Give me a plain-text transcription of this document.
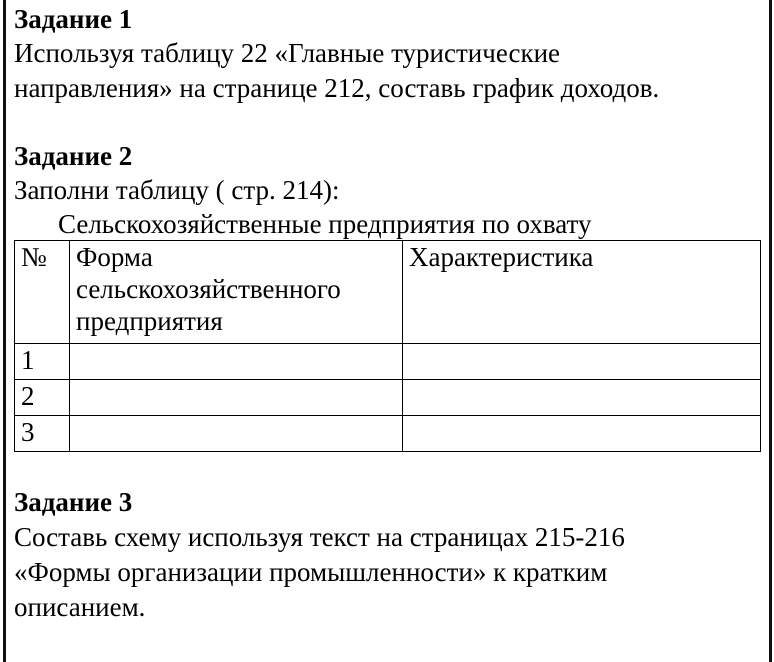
Задание 1
Используя таблицу 22 «Главные туристические
направления» на странице 212, составь график доходов.
Задание 2
Заполни таблицу ( стр. 214):
Сельскохозяйственные предприятия по охвату
№	Форма сельскохозяйственного предприятия	Характеристика
1		
2		
3		
Задание 3
Составь схему используя текст на страницах 215-216
«Формы организации промышленности» к кратким
описанием.
